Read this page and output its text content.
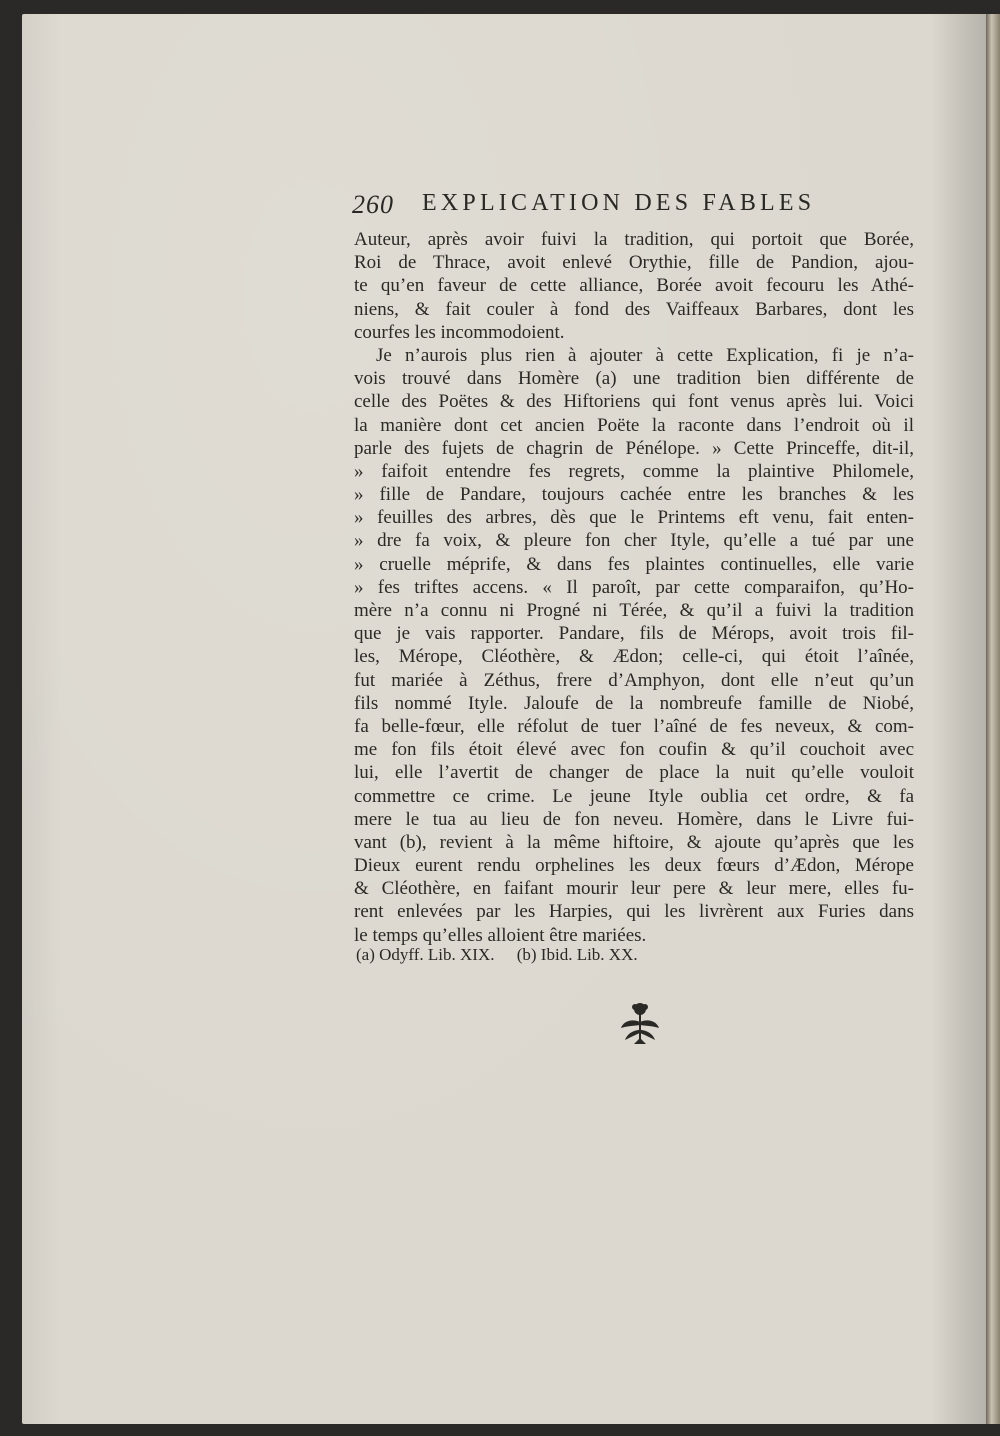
260 EXPLICATION DES FABLES
Auteur, après avoir fuivi la tradition, qui portoit que Borée,
Roi de Thrace, avoit enlevé Orythie, fille de Pandion, ajou-
te qu’en faveur de cette alliance, Borée avoit fecouru les Athé-
niens, & fait couler à fond des Vaiffeaux Barbares, dont les
courfes les incommodoient.
Je n’aurois plus rien à ajouter à cette Explication, fi je n’a-
vois trouvé dans Homère (a) une tradition bien différente de
celle des Poëtes & des Hiftoriens qui font venus après lui. Voici
la manière dont cet ancien Poëte la raconte dans l’endroit où il
parle des fujets de chagrin de Pénélope. » Cette Princeffe, dit-il,
» faifoit entendre fes regrets, comme la plaintive Philomele,
» fille de Pandare, toujours cachée entre les branches & les
» feuilles des arbres, dès que le Printems eft venu, fait enten-
» dre fa voix, & pleure fon cher Ityle, qu’elle a tué par une
» cruelle méprife, & dans fes plaintes continuelles, elle varie
» fes triftes accens. « Il paroît, par cette comparaifon, qu’Ho-
mère n’a connu ni Progné ni Térée, & qu’il a fuivi la tradition
que je vais rapporter. Pandare, fils de Mérops, avoit trois fil-
les, Mérope, Cléothère, & Ædon; celle-ci, qui étoit l’aînée,
fut mariée à Zéthus, frere d’Amphyon, dont elle n’eut qu’un
fils nommé Ityle. Jaloufe de la nombreufe famille de Niobé,
fa belle-fœur, elle réfolut de tuer l’aîné de fes neveux, & com-
me fon fils étoit élevé avec fon coufin & qu’il couchoit avec
lui, elle l’avertit de changer de place la nuit qu’elle vouloit
commettre ce crime. Le jeune Ityle oublia cet ordre, & fa
mere le tua au lieu de fon neveu. Homère, dans le Livre fui-
vant (b), revient à la même hiftoire, & ajoute qu’après que les
Dieux eurent rendu orphelines les deux fœurs d’Ædon, Mérope
& Cléothère, en faifant mourir leur pere & leur mere, elles fu-
rent enlevées par les Harpies, qui les livrèrent aux Furies dans
le temps qu’elles alloient être mariées.
(a) Odyff. Lib. XIX. (b) Ibid. Lib. XX.
